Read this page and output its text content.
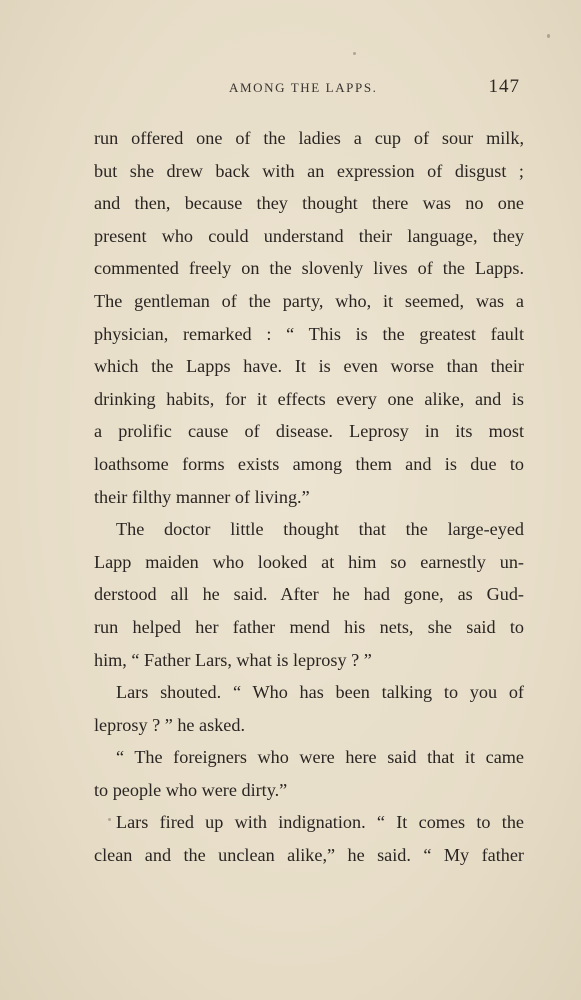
AMONG THE LAPPS.	147
run offered one of the ladies a cup of sour milk,
but she drew back with an expression of disgust ;
and then, because they thought there was no one
present who could understand their language, they
commented freely on the slovenly lives of the Lapps.
The gentleman of the party, who, it seemed, was a
physician, remarked : “ This is the greatest fault
which the Lapps have. It is even worse than their
drinking habits, for it effects every one alike, and is
a prolific cause of disease. Leprosy in its most
loathsome forms exists among them and is due to
their filthy manner of living.”
The doctor little thought that the large-eyed
Lapp maiden who looked at him so earnestly un-
derstood all he said. After he had gone, as Gud-
run helped her father mend his nets, she said to
him, “ Father Lars, what is leprosy ? ”
Lars shouted. “ Who has been talking to you of
leprosy ? ” he asked.
“ The foreigners who were here said that it came
to people who were dirty.”
Lars fired up with indignation. “ It comes to the
clean and the unclean alike,” he said. “ My father
